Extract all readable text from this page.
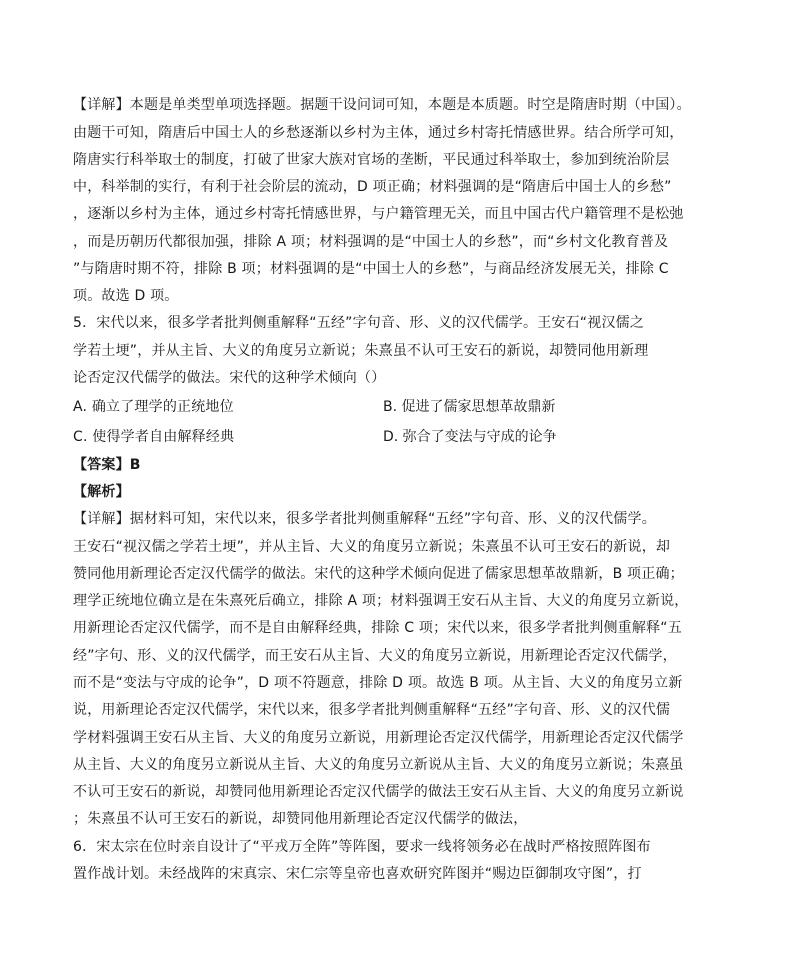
【详解】本题是单类型单项选择题。据题干设问词可知，本题是本质题。时空是隋唐时期（中国）。
由题干可知，隋唐后中国士人的乡愁逐渐以乡村为主体，通过乡村寄托情感世界。结合所学可知，
隋唐实行科举取士的制度，打破了世家大族对官场的垄断，平民通过科举取士，参加到统治阶层
中，科举制的实行，有利于社会阶层的流动，D 项正确；材料强调的是“隋唐后中国士人的乡愁”
，逐渐以乡村为主体，通过乡村寄托情感世界，与户籍管理无关，而且中国古代户籍管理不是松弛
，而是历朝历代都很加强，排除 A 项；材料强调的是“中国士人的乡愁”，而“乡村文化教育普及
”与隋唐时期不符，排除 B 项；材料强调的是“中国士人的乡愁”，与商品经济发展无关，排除 C
项。故选 D 项。
5．宋代以来，很多学者批判侧重解释“五经”字句音、形、义的汉代儒学。王安石“视汉儒之
学若土埂”，并从主旨、大义的角度另立新说；朱熹虽不认可王安石的新说，却赞同他用新理
论否定汉代儒学的做法。宋代的这种学术倾向（）
A. 确立了理学的正统地位	B. 促进了儒家思想革故鼎新
C. 使得学者自由解释经典	D. 弥合了变法与守成的论争
【答案】B
【解析】
【详解】据材料可知，宋代以来，很多学者批判侧重解释“五经”字句音、形、义的汉代儒学。
王安石“视汉儒之学若土埂”，并从主旨、大义的角度另立新说；朱熹虽不认可王安石的新说，却
赞同他用新理论否定汉代儒学的做法。宋代的这种学术倾向促进了儒家思想革故鼎新，B 项正确；
理学正统地位确立是在朱熹死后确立，排除 A 项；材料强调王安石从主旨、大义的角度另立新说，
用新理论否定汉代儒学，而不是自由解释经典，排除 C 项；宋代以来，很多学者批判侧重解释“五
经”字句、形、义的汉代儒学，而王安石从主旨、大义的角度另立新说，用新理论否定汉代儒学，
而不是“变法与守成的论争”，D 项不符题意，排除 D 项。故选 B 项。从主旨、大义的角度另立新
说，用新理论否定汉代儒学，宋代以来，很多学者批判侧重解释“五经”字句音、形、义的汉代儒
学材料强调王安石从主旨、大义的角度另立新说，用新理论否定汉代儒学，用新理论否定汉代儒学
从主旨、大义的角度另立新说从主旨、大义的角度另立新说从主旨、大义的角度另立新说；朱熹虽
不认可王安石的新说，却赞同他用新理论否定汉代儒学的做法王安石从主旨、大义的角度另立新说
；朱熹虽不认可王安石的新说，却赞同他用新理论否定汉代儒学的做法，
6．宋太宗在位时亲自设计了“平戎万全阵”等阵图，要求一线将领务必在战时严格按照阵图布
置作战计划。未经战阵的宋真宗、宋仁宗等皇帝也喜欢研究阵图并“赐边臣御制攻守图”，打
